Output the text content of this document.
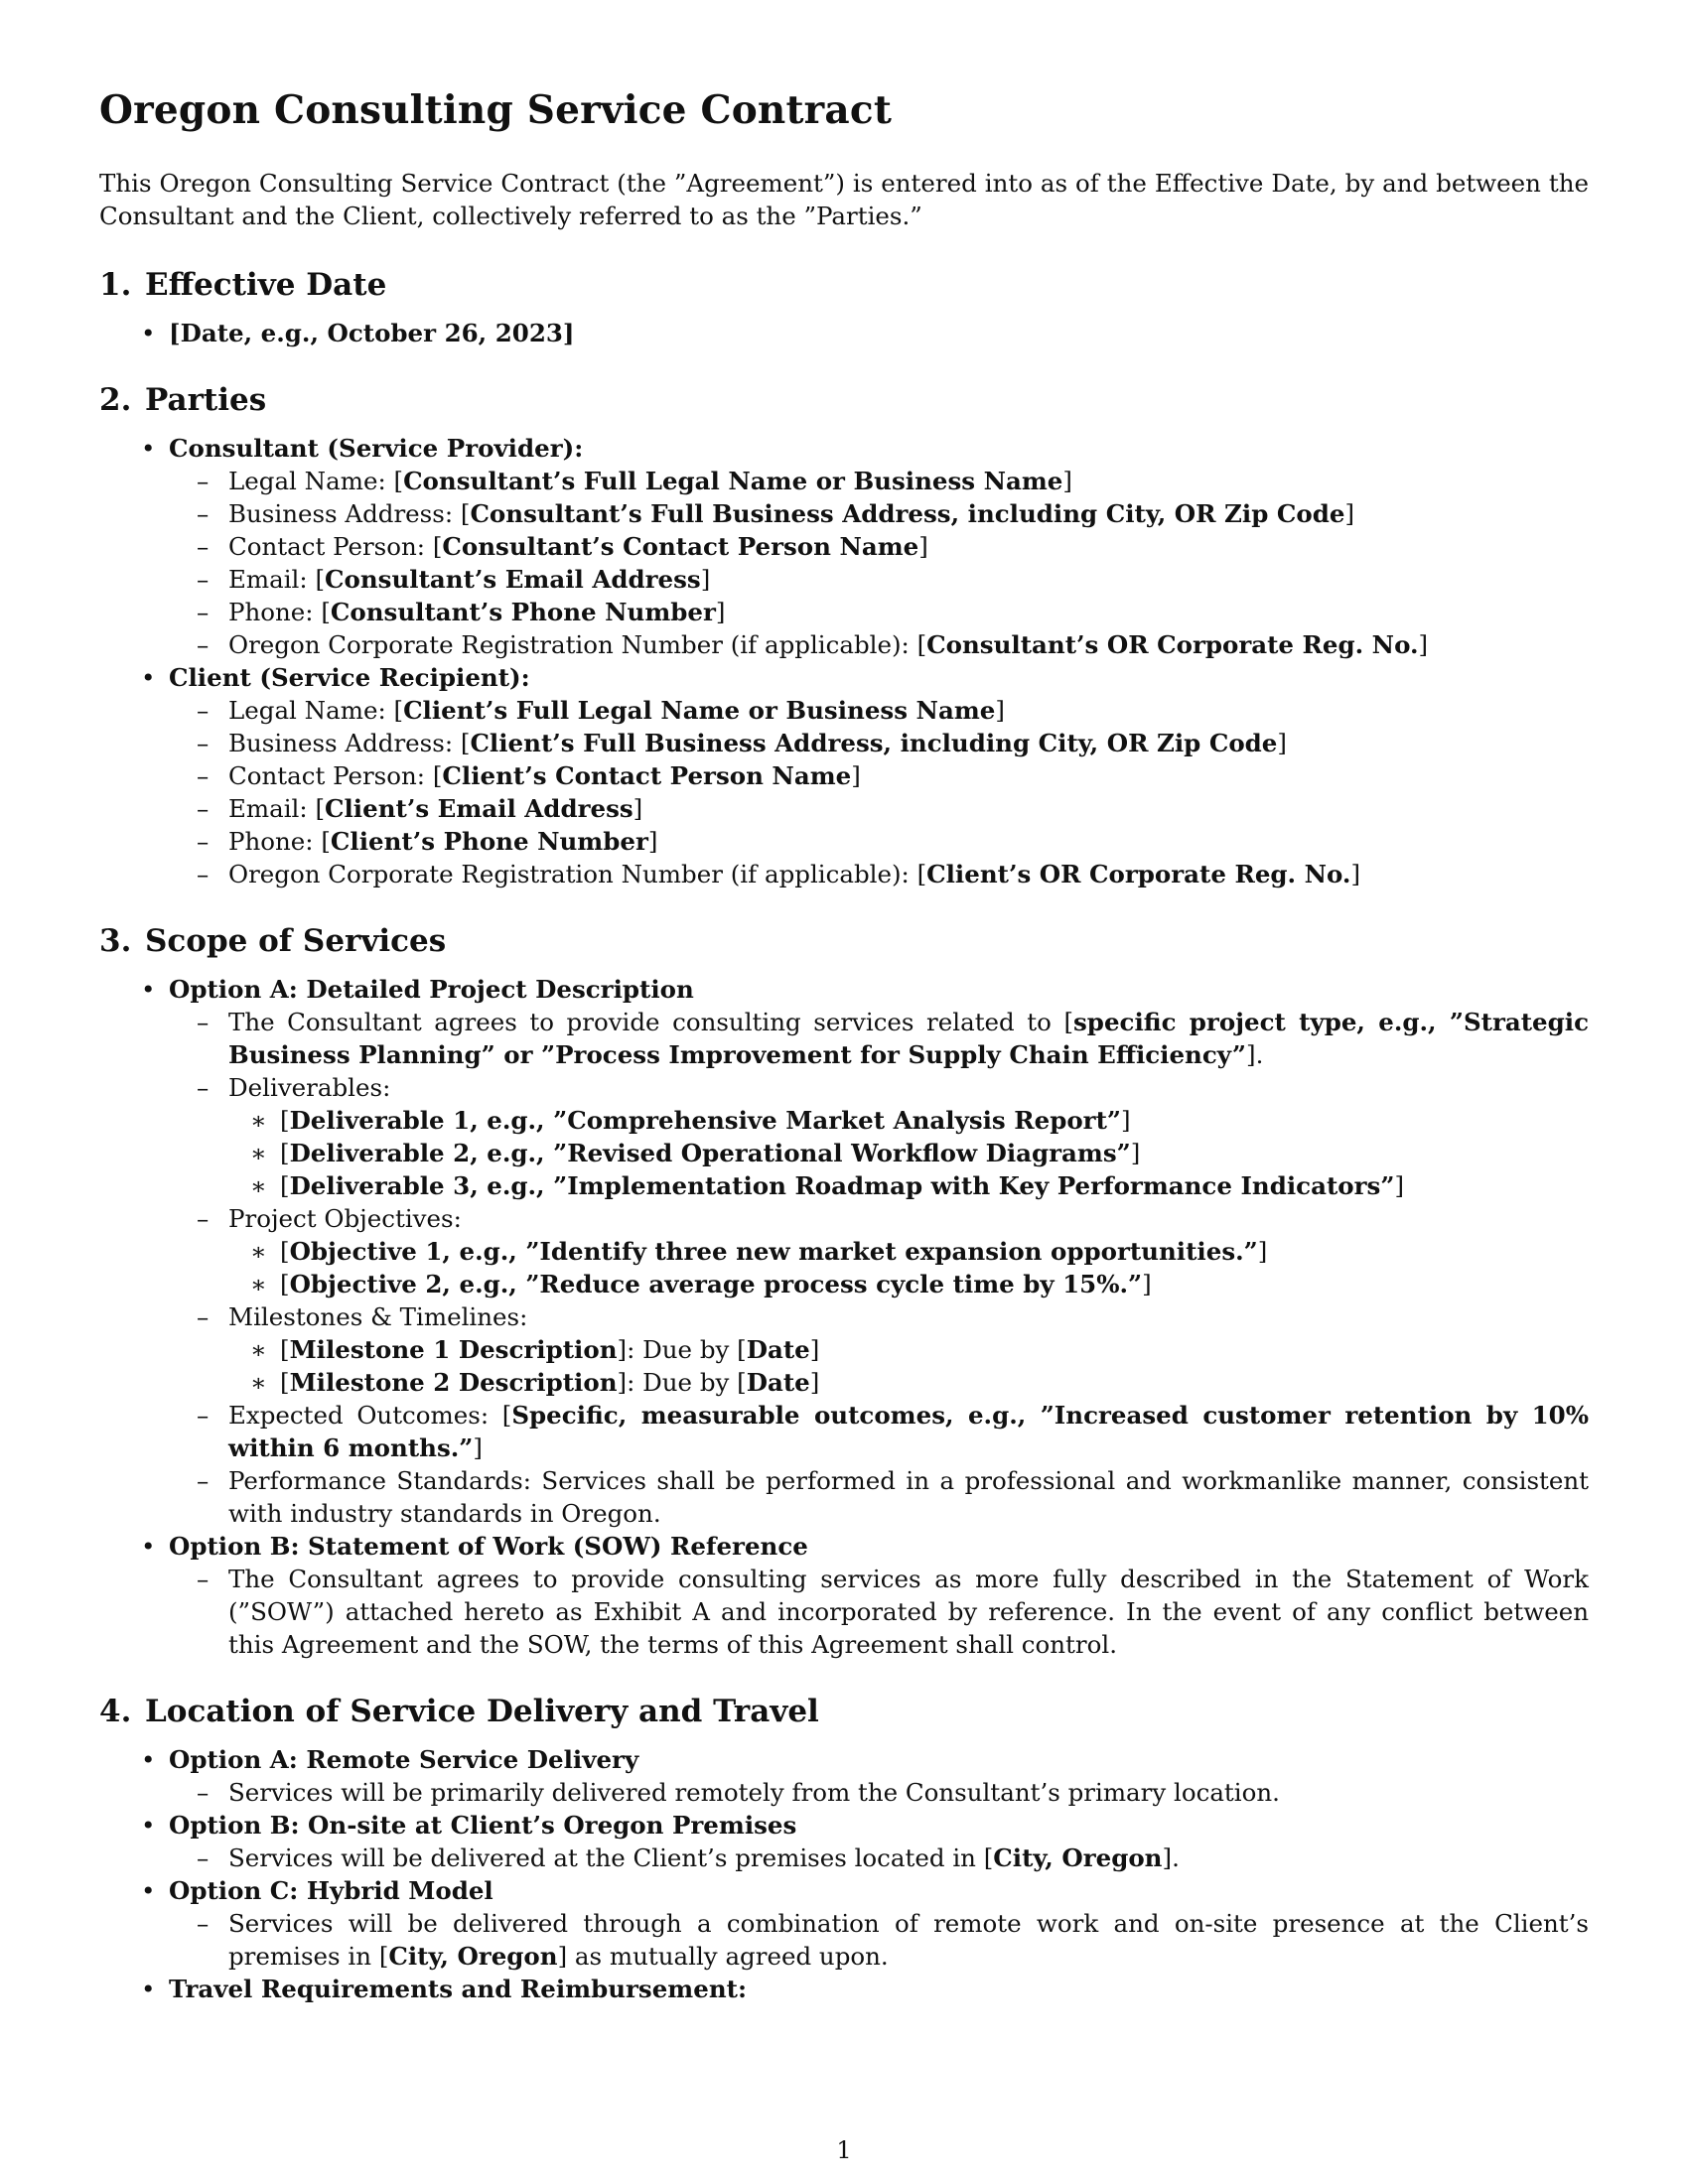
Oregon Consulting Service Contract

This Oregon Consulting Service Contract (the ”Agreement”) is entered into as of the Effective Date, by and between the Consultant and the Client, collectively referred to as the ”Parties.”

1. Effective Date
• [Date, e.g., October 26, 2023]
2. Parties
• Consultant (Service Provider):
– Legal Name: [Consultant’s Full Legal Name or Business Name]
– Business Address: [Consultant’s Full Business Address, including City, OR Zip Code]
– Contact Person: [Consultant’s Contact Person Name]
– Email: [Consultant’s Email Address]
– Phone: [Consultant’s Phone Number]
– Oregon Corporate Registration Number (if applicable): [Consultant’s OR Corporate Reg. No.]
• Client (Service Recipient):
– Legal Name: [Client’s Full Legal Name or Business Name]
– Business Address: [Client’s Full Business Address, including City, OR Zip Code]
– Contact Person: [Client’s Contact Person Name]
– Email: [Client’s Email Address]
– Phone: [Client’s Phone Number]
– Oregon Corporate Registration Number (if applicable): [Client’s OR Corporate Reg. No.]
3. Scope of Services
• Option A: Detailed Project Description
– The Consultant agrees to provide consulting services related to [specific project type, e.g., ”Strategic Business Planning” or ”Process Improvement for Supply Chain Efficiency”].
– Deliverables:
∗ [Deliverable 1, e.g., ”Comprehensive Market Analysis Report”]
∗ [Deliverable 2, e.g., ”Revised Operational Workflow Diagrams”]
∗ [Deliverable 3, e.g., ”Implementation Roadmap with Key Performance Indicators”]
– Project Objectives:
∗ [Objective 1, e.g., ”Identify three new market expansion opportunities.”]
∗ [Objective 2, e.g., ”Reduce average process cycle time by 15%.”]
– Milestones & Timelines:
∗ [Milestone 1 Description]: Due by [Date]
∗ [Milestone 2 Description]: Due by [Date]
– Expected Outcomes: [Specific, measurable outcomes, e.g., ”Increased customer retention by 10% within 6 months.”]
– Performance Standards: Services shall be performed in a professional and workmanlike manner, consistent with industry standards in Oregon.
• Option B: Statement of Work (SOW) Reference
– The Consultant agrees to provide consulting services as more fully described in the Statement of Work (”SOW”) attached hereto as Exhibit A and incorporated by reference. In the event of any conflict between this Agreement and the SOW, the terms of this Agreement shall control.
4. Location of Service Delivery and Travel
• Option A: Remote Service Delivery
– Services will be primarily delivered remotely from the Consultant’s primary location.
• Option B: On-site at Client’s Oregon Premises
– Services will be delivered at the Client’s premises located in [City, Oregon].
• Option C: Hybrid Model
– Services will be delivered through a combination of remote work and on-site presence at the Client’s premises in [City, Oregon] as mutually agreed upon.
• Travel Requirements and Reimbursement:
1
